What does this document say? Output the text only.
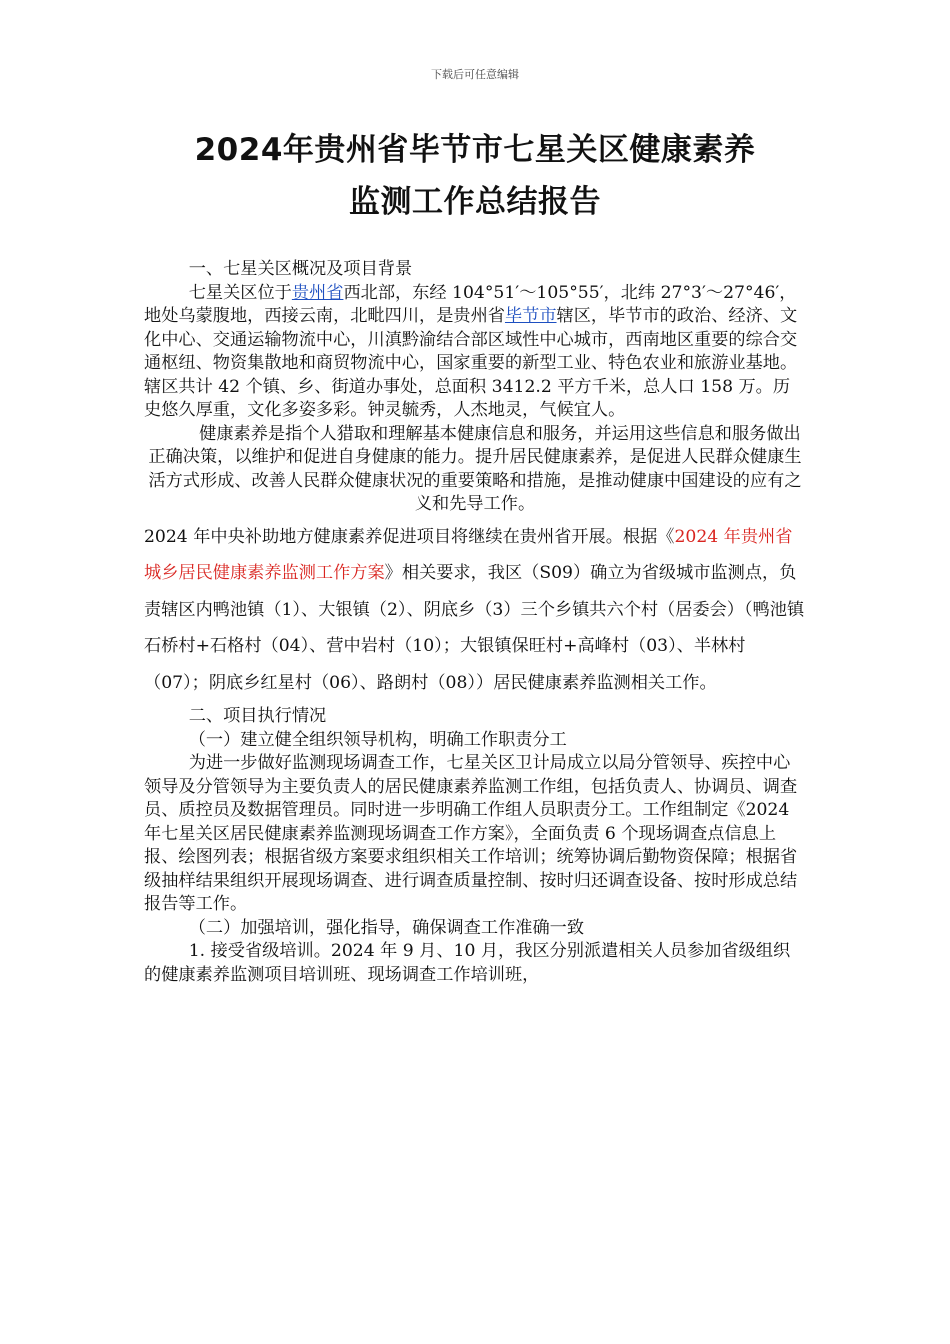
下载后可任意编辑
2024年贵州省毕节市七星关区健康素养
监测工作总结报告

一、七星关区概况及项目背景

七星关区位于贵州省西北部，东经 104°51′～105°55′，北纬 27°3′～27°46′，地处乌蒙腹地，西接云南，北毗四川，是贵州省毕节市辖区，毕节市的政治、经济、文化中心、交通运输物流中心，川滇黔渝结合部区域性中心城市，西南地区重要的综合交通枢纽、物资集散地和商贸物流中心，国家重要的新型工业、特色农业和旅游业基地。辖区共计 42 个镇、乡、街道办事处，总面积 3412.2 平方千米，总人口 158 万。历史悠久厚重，文化多姿多彩。钟灵毓秀，人杰地灵，气候宜人。

健康素养是指个人猎取和理解基本健康信息和服务，并运用这些信息和服务做出正确决策，以维护和促进自身健康的能力。提升居民健康素养，是促进人民群众健康生活方式形成、改善人民群众健康状况的重要策略和措施，是推动健康中国建设的应有之义和先导工作。

2024 年中央补助地方健康素养促进项目将继续在贵州省开展。根据《2024 年贵州省城乡居民健康素养监测工作方案》相关要求，我区（S09）确立为省级城市监测点，负责辖区内鸭池镇（1）、大银镇（2）、阴底乡（3）三个乡镇共六个村（居委会）（鸭池镇石桥村+石格村（04）、营中岩村（10）；大银镇保旺村+高峰村（03）、半林村（07）；阴底乡红星村（06）、路朗村（08））居民健康素养监测相关工作。

二、项目执行情况

（一）建立健全组织领导机构，明确工作职责分工

为进一步做好监测现场调查工作，七星关区卫计局成立以局分管领导、疾控中心领导及分管领导为主要负责人的居民健康素养监测工作组，包括负责人、协调员、调查员、质控员及数据管理员。同时进一步明确工作组人员职责分工。工作组制定《2024 年七星关区居民健康素养监测现场调查工作方案》，全面负责 6 个现场调查点信息上报、绘图列表；根据省级方案要求组织相关工作培训；统筹协调后勤物资保障；根据省级抽样结果组织开展现场调查、进行调查质量控制、按时归还调查设备、按时形成总结报告等工作。

（二）加强培训，强化指导，确保调查工作准确一致

1. 接受省级培训。2024 年 9 月、10 月，我区分别派遣相关人员参加省级组织的健康素养监测项目培训班、现场调查工作培训班，
